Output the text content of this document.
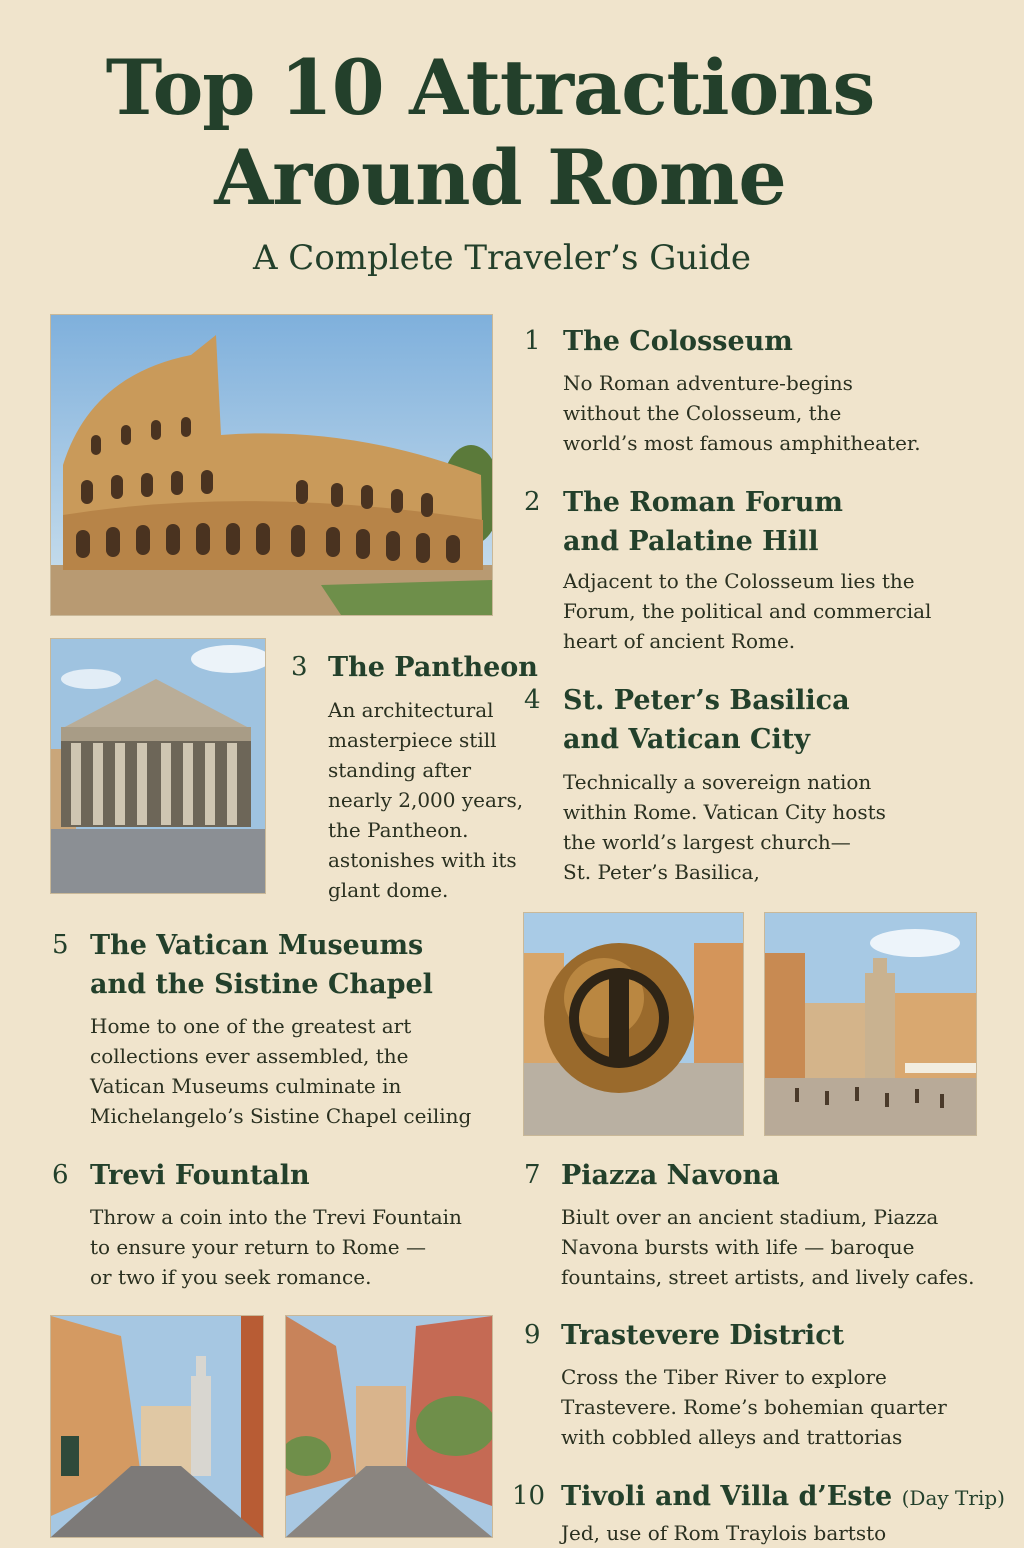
Top 10 Attractions
Around Rome
A Complete Traveler’s Guide
1 The Colosseum
No Roman adventure-begins
without the Colosseum, the
world’s most famous amphitheater.
2 The Roman Forum
and Palatine Hill
Adjacent to the Colosseum lies the
Forum, the political and commercial
heart of ancient Rome.
3 The Pantheon
An architectural
masterpiece still
standing after
nearly 2,000 years,
the Pantheon.
astonishes with its
glant dome.
4 St. Peter’s Basilica
and Vatican City
Technically a sovereign nation
within Rome. Vatican City hosts
the world’s largest church—
St. Peter’s Basilica,
5 The Vatican Museums
and the Sistine Chapel
Home to one of the greatest art
collections ever assembled, the
Vatican Museums culminate in
Michelangelo’s Sistine Chapel ceiling
6 Trevi Fountaln
Throw a coin into the Trevi Fountain
to ensure your return to Rome —
or two if you seek romance.
7 Piazza Navona
Biult over an ancient stadium, Piazza
Navona bursts with life — baroque
fountains, street artists, and lively cafes.
9 Trastevere District
Cross the Tiber River to explore
Trastevere. Rome’s bohemian quarter
with cobbled alleys and trattorias
10 Tivoli and Villa d’Este (Day Trip)
Jed, use of Rom Traylois bartsto
